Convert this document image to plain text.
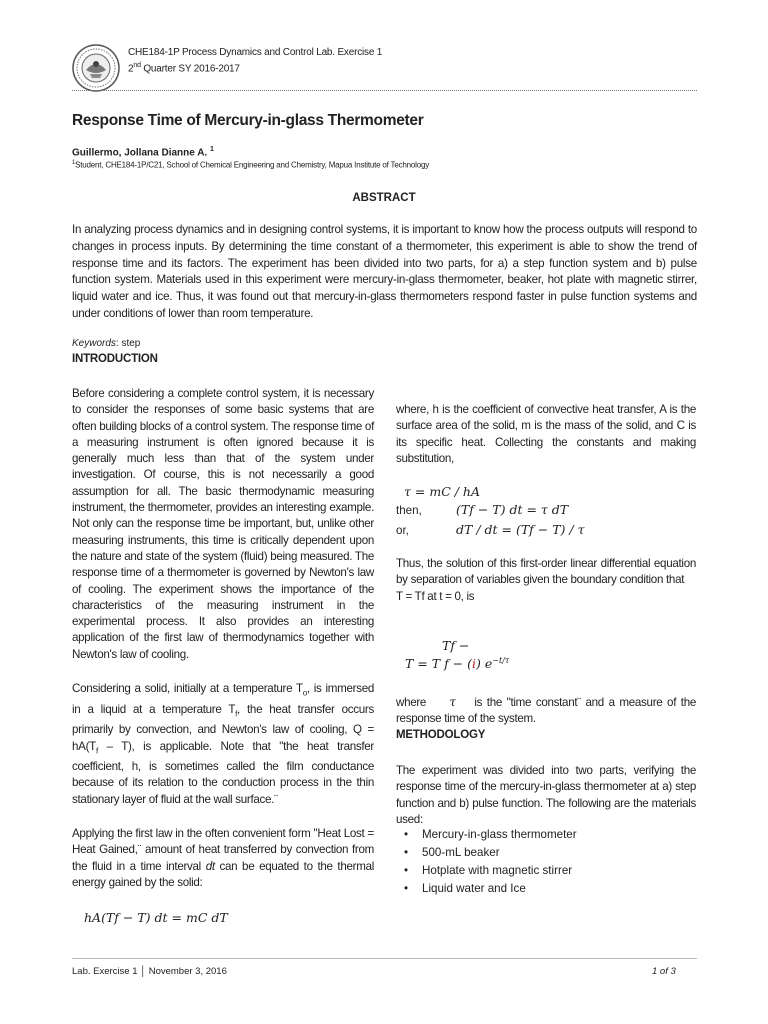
CHE184-1P Process Dynamics and Control Lab. Exercise 1
2nd Quarter SY 2016-2017
Response Time of Mercury-in-glass Thermometer
Guillermo, Jollana Dianne A. $^1$
$^1$Student, CHE184-1P/C21, School of Chemical Engineering and Chemistry, Mapua Institute of Technology
ABSTRACT
In analyzing process dynamics and in designing control systems, it is important to know how the process outputs will respond to changes in process inputs. By determining the time constant of a thermometer, this experiment is able to show the trend of response time and its factors. The experiment has been divided into two parts, for a) a step function system and b) pulse function system. Materials used in this experiment were mercury-in-glass thermometer, beaker, hot plate with magnetic stirrer, liquid water and ice. Thus, it was found out that mercury-in-glass thermometers respond faster in pulse function systems and under conditions of lower than room temperature.
Keywords: step
INTRODUCTION

Before considering a complete control system, it is necessary to consider the responses of some basic systems that are often building blocks of a control system. The response time of a measuring instrument is often ignored because it is generally much less than that of the system under investigation. Of course, this is not necessarily a good assumption for all. The basic thermodynamic measuring instrument, the thermometer, provides an interesting example. Not only can the response time be important, but, unlike other measuring instruments, this time is critically dependent upon the nature and state of the system (fluid) being measured. The response time of a thermometer is governed by Newton's law of cooling. The experiment shows the importance of the characteristics of the measuring instrument in the experimental process. It also provides an interesting application of the first law of thermodynamics together with Newton's law of cooling.

Considering a solid, initially at a temperature $T_o$, is immersed in a liquid at a temperature $T_f$, the heat transfer occurs primarily by convection, and Newton's law of cooling, $Q = hA(T_f - T)$, is applicable. Note that "the heat transfer coefficient, h, is sometimes called the film conductance because of its relation to the conduction process in the thin stationary layer of fluid at the wall surface.¨

Applying the first law in the often convenient form "Heat Lost = Heat Gained,¨ amount of heat transferred by convection from the fluid in a time interval dt can be equated to the thermal energy gained by the solid:

hA(Tf − T) dt = mC dT
where, h is the coefficient of convective heat transfer, A is the surface area of the solid, m is the mass of the solid, and C is its specific heat. Collecting the constants and making substitution,
τ = mC / hA
then,	(Tf − T) dt = τ dT
or,	dT / dt = (Tf − T) / τ

Thus, the solution of this first-order linear differential equation by separation of variables given the boundary condition that

T = Tf at t = 0, is

Tf −
T = T f − (i) $e^{-t/\tau}$
where τ is the "time constant¨ and a measure of the response time of the system.
METHODOLOGY
The experiment was divided into two parts, verifying the response time of the mercury-in-glass thermometer at a) step function and b) pulse function. The following are the materials used:
• Mercury-in-glass thermometer
• 500-mL beaker
• Hotplate with magnetic stirrer
• Liquid water and Ice
Lab. Exercise 1 │ November 3, 2016	1 of 3
